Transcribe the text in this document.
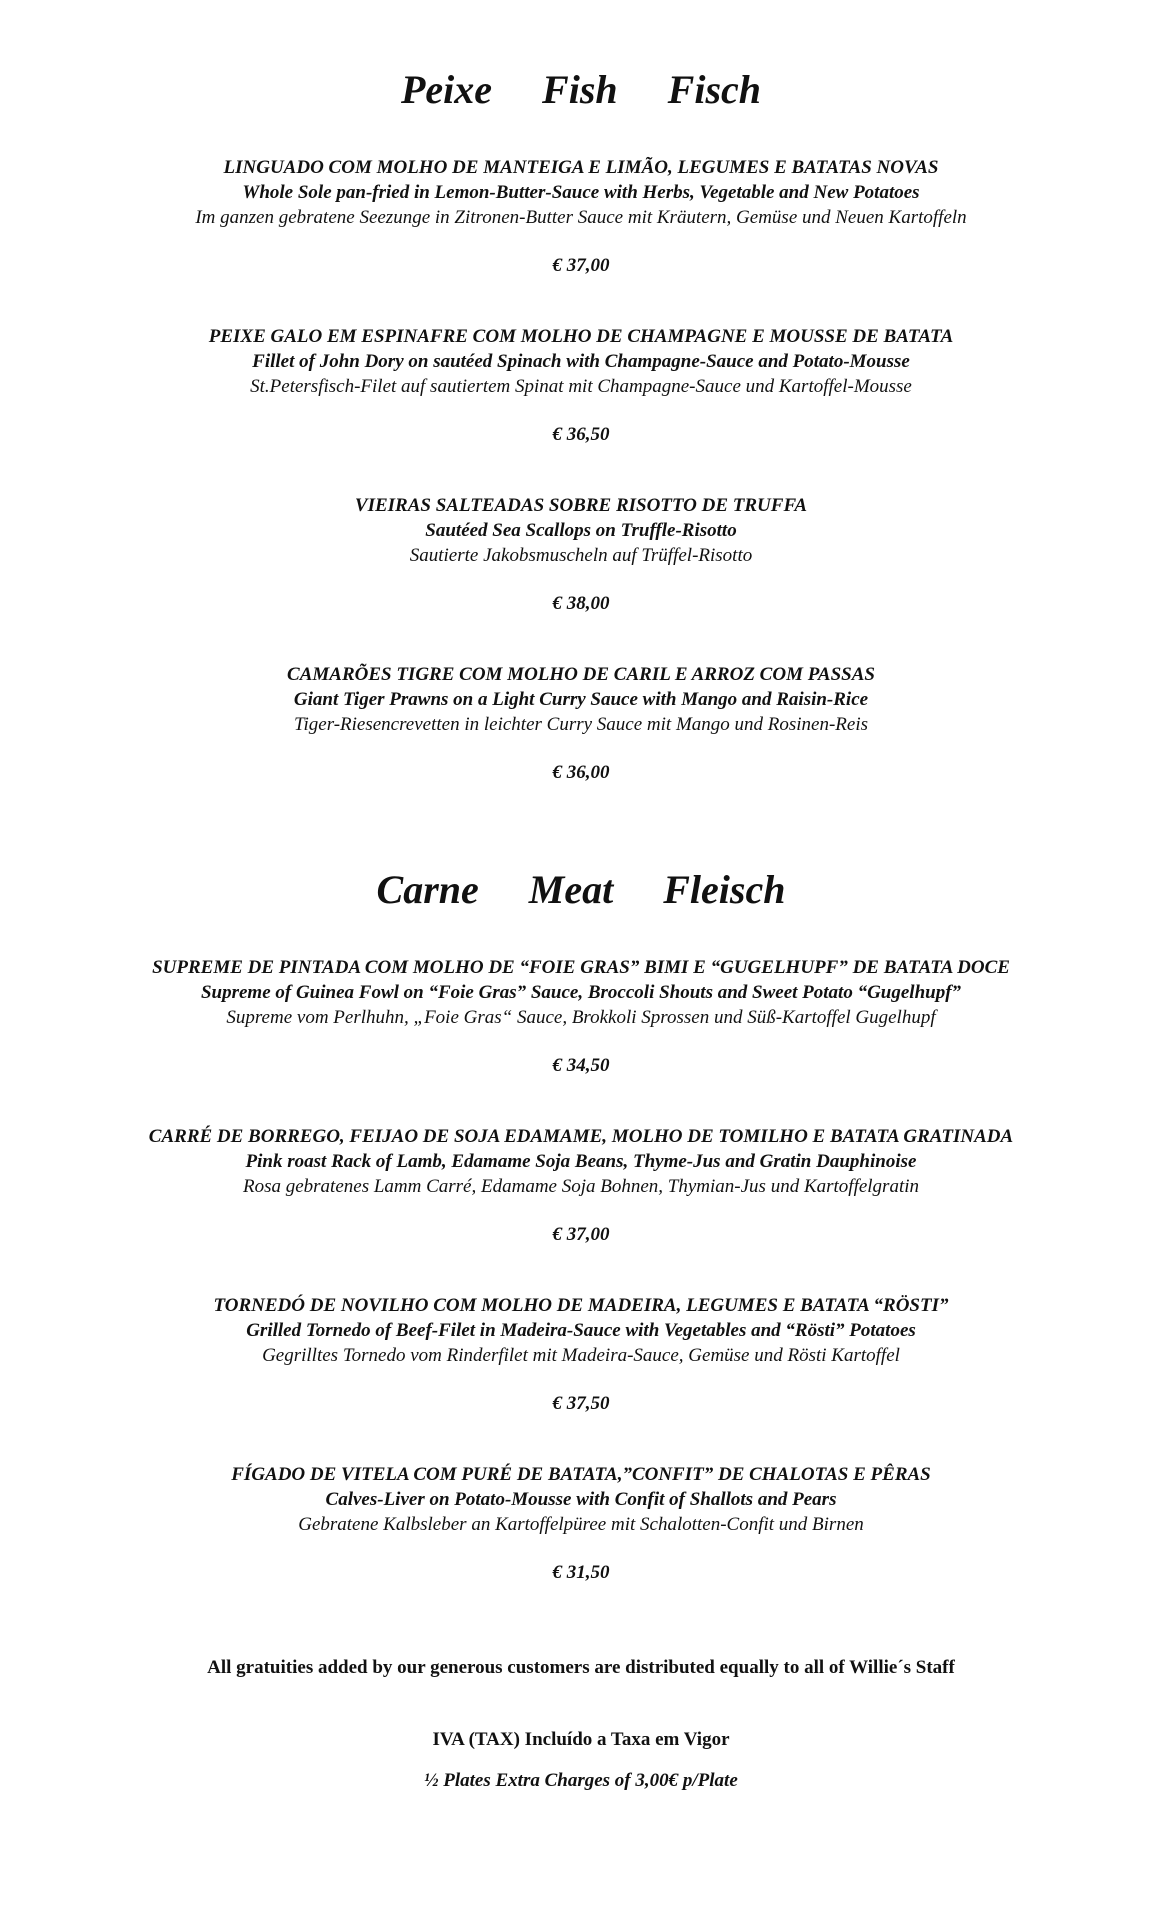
Peixe Fish Fisch
LINGUADO COM MOLHO DE MANTEIGA E LIMÃO, LEGUMES E BATATAS NOVAS
Whole Sole pan-fried in Lemon-Butter-Sauce with Herbs, Vegetable and New Potatoes
Im ganzen gebratene Seezunge in Zitronen-Butter Sauce mit Kräutern, Gemüse und Neuen Kartoffeln
€ 37,00
PEIXE GALO EM ESPINAFRE COM MOLHO DE CHAMPAGNE E MOUSSE DE BATATA
Fillet of John Dory on sautéed Spinach with Champagne-Sauce and Potato-Mousse
St.Petersfisch-Filet auf sautiertem Spinat mit Champagne-Sauce und Kartoffel-Mousse
€ 36,50
VIEIRAS SALTEADAS SOBRE RISOTTO DE TRUFFA
Sautéed Sea Scallops on Truffle-Risotto
Sautierte Jakobsmuscheln auf Trüffel-Risotto
€ 38,00
CAMARÕES TIGRE COM MOLHO DE CARIL E ARROZ COM PASSAS
Giant Tiger Prawns on a Light Curry Sauce with Mango and Raisin-Rice
Tiger-Riesencrevetten in leichter Curry Sauce mit Mango und Rosinen-Reis
€ 36,00
Carne Meat Fleisch
SUPREME DE PINTADA COM MOLHO DE “FOIE GRAS” BIMI E “GUGELHUPF” DE BATATA DOCE
Supreme of Guinea Fowl on “Foie Gras” Sauce, Broccoli Shouts and Sweet Potato “Gugelhupf”
Supreme vom Perlhuhn, „Foie Gras“ Sauce, Brokkoli Sprossen und Süß-Kartoffel Gugelhupf
€ 34,50
CARRÉ DE BORREGO, FEIJAO DE SOJA EDAMAME, MOLHO DE TOMILHO E BATATA GRATINADA
Pink roast Rack of Lamb, Edamame Soja Beans, Thyme-Jus and Gratin Dauphinoise
Rosa gebratenes Lamm Carré, Edamame Soja Bohnen, Thymian-Jus und Kartoffelgratin
€ 37,00
TORNEDÓ DE NOVILHO COM MOLHO DE MADEIRA, LEGUMES E BATATA “RÖSTI”
Grilled Tornedo of Beef-Filet in Madeira-Sauce with Vegetables and “Rösti” Potatoes
Gegrilltes Tornedo vom Rinderfilet mit Madeira-Sauce, Gemüse und Rösti Kartoffel
€ 37,50
FÍGADO DE VITELA COM PURÉ DE BATATA,”CONFIT” DE CHALOTAS E PÊRAS
Calves-Liver on Potato-Mousse with Confit of Shallots and Pears
Gebratene Kalbsleber an Kartoffelpüree mit Schalotten-Confit und Birnen
€ 31,50
All gratuities added by our generous customers are distributed equally to all of Willie´s Staff
IVA (TAX) Incluído a Taxa em Vigor
½ Plates Extra Charges of 3,00€ p/Plate
